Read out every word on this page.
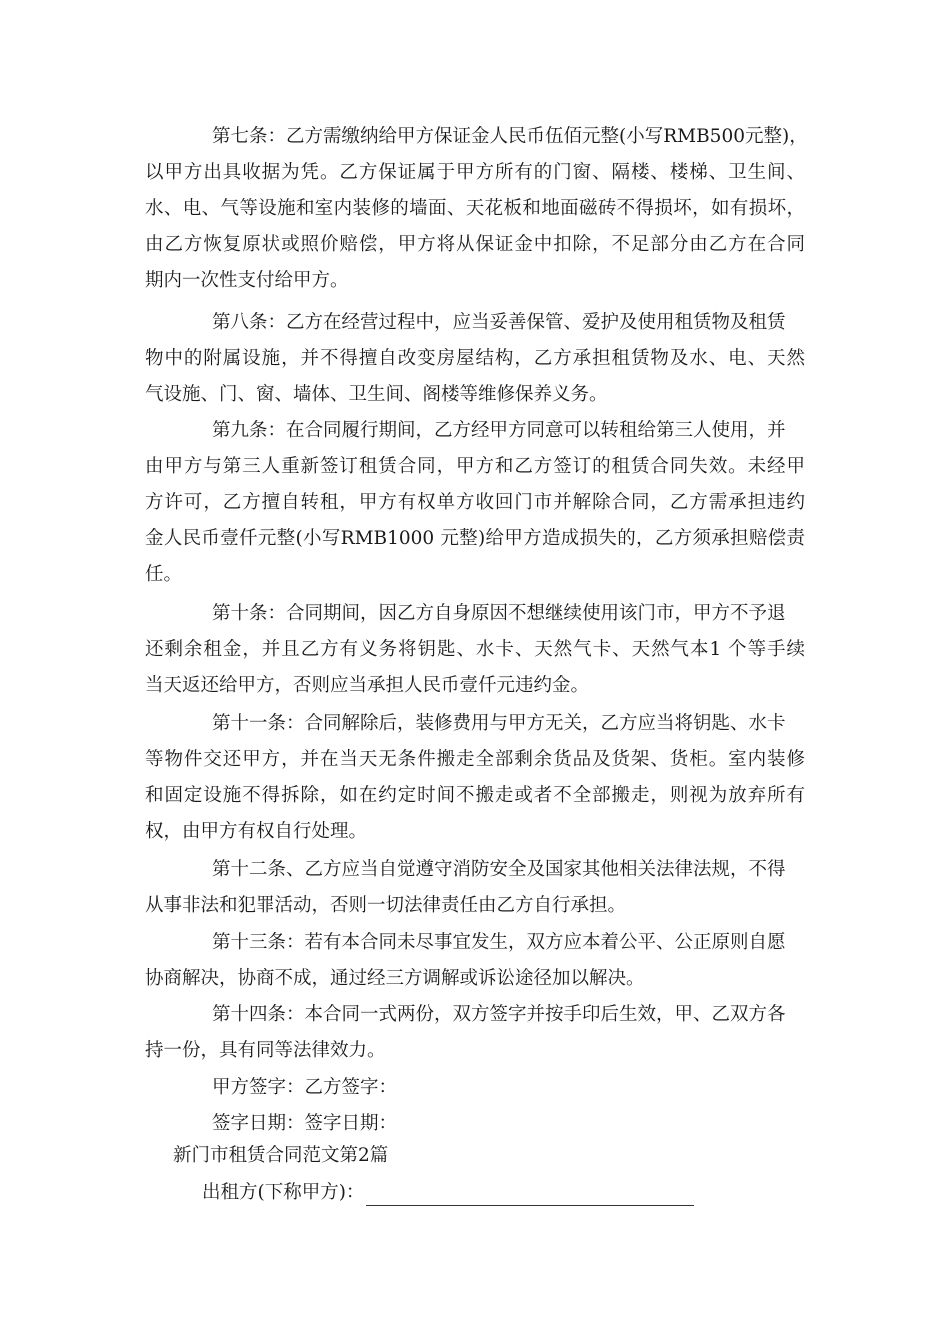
第七条：乙方需缴纳给甲方保证金人民币伍佰元整(小写RMB500元整)，
以甲方出具收据为凭。乙方保证属于甲方所有的门窗、隔楼、楼梯、卫生间、
水、电、气等设施和室内装修的墙面、天花板和地面磁砖不得损坏，如有损坏，
由乙方恢复原状或照价赔偿，甲方将从保证金中扣除，不足部分由乙方在合同
期内一次性支付给甲方。
第八条：乙方在经营过程中，应当妥善保管、爱护及使用租赁物及租赁
物中的附属设施，并不得擅自改变房屋结构，乙方承担租赁物及水、电、天然
气设施、门、窗、墙体、卫生间、阁楼等维修保养义务。
第九条：在合同履行期间，乙方经甲方同意可以转租给第三人使用，并
由甲方与第三人重新签订租赁合同，甲方和乙方签订的租赁合同失效。未经甲
方许可，乙方擅自转租，甲方有权单方收回门市并解除合同，乙方需承担违约
金人民币壹仟元整(小写RMB1000 元整)给甲方造成损失的，乙方须承担赔偿责
任。
第十条：合同期间，因乙方自身原因不想继续使用该门市，甲方不予退
还剩余租金，并且乙方有义务将钥匙、水卡、天然气卡、天然气本1 个等手续
当天返还给甲方，否则应当承担人民币壹仟元违约金。
第十一条：合同解除后，装修费用与甲方无关，乙方应当将钥匙、水卡
等物件交还甲方，并在当天无条件搬走全部剩余货品及货架、货柜。室内装修
和固定设施不得拆除，如在约定时间不搬走或者不全部搬走，则视为放弃所有
权，由甲方有权自行处理。
第十二条、乙方应当自觉遵守消防安全及国家其他相关法律法规，不得
从事非法和犯罪活动，否则一切法律责任由乙方自行承担。
第十三条：若有本合同未尽事宜发生，双方应本着公平、公正原则自愿
协商解决，协商不成，通过经三方调解或诉讼途径加以解决。
第十四条：本合同一式两份，双方签字并按手印后生效，甲、乙双方各
持一份，具有同等法律效力。
甲方签字：乙方签字：
签字日期：签字日期：
新门市租赁合同范文第2篇
出租方(下称甲方)：
